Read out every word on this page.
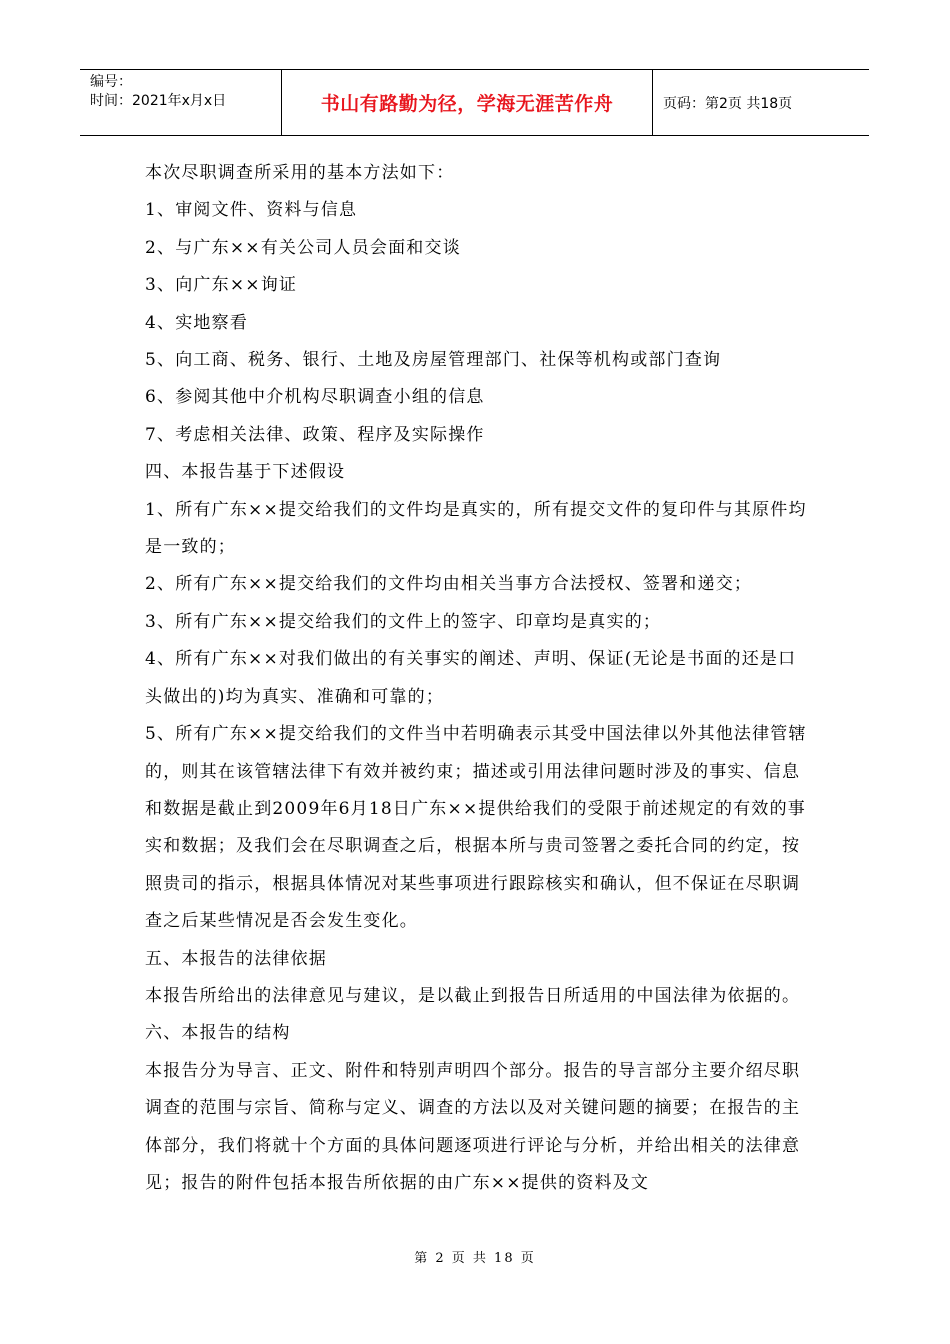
编号：
时间：2021年x月x日	书山有路勤为径，学海无涯苦作舟	页码：第2页 共18页

本次尽职调查所采用的基本方法如下：

1、审阅文件、资料与信息

2、与广东××有关公司人员会面和交谈

3、向广东××询证

4、实地察看

5、向工商、税务、银行、土地及房屋管理部门、社保等机构或部门查询

6、参阅其他中介机构尽职调查小组的信息

7、考虑相关法律、政策、程序及实际操作

四、本报告基于下述假设

1、所有广东××提交给我们的文件均是真实的，所有提交文件的复印件与其原件均是一致的；

2、所有广东××提交给我们的文件均由相关当事方合法授权、签署和递交；

3、所有广东××提交给我们的文件上的签字、印章均是真实的；

4、所有广东××对我们做出的有关事实的阐述、声明、保证(无论是书面的还是口头做出的)均为真实、准确和可靠的；

5、所有广东××提交给我们的文件当中若明确表示其受中国法律以外其他法律管辖的，则其在该管辖法律下有效并被约束；描述或引用法律问题时涉及的事实、信息和数据是截止到2009年6月18日广东××提供给我们的受限于前述规定的有效的事实和数据；及我们会在尽职调查之后，根据本所与贵司签署之委托合同的约定，按照贵司的指示，根据具体情况对某些事项进行跟踪核实和确认，但不保证在尽职调查之后某些情况是否会发生变化。

五、本报告的法律依据

本报告所给出的法律意见与建议，是以截止到报告日所适用的中国法律为依据的。

六、本报告的结构

本报告分为导言、正文、附件和特别声明四个部分。报告的导言部分主要介绍尽职调查的范围与宗旨、简称与定义、调查的方法以及对关键问题的摘要；在报告的主体部分，我们将就十个方面的具体问题逐项进行评论与分析，并给出相关的法律意见；报告的附件包括本报告所依据的由广东××提供的资料及文

第 2 页 共 18 页
